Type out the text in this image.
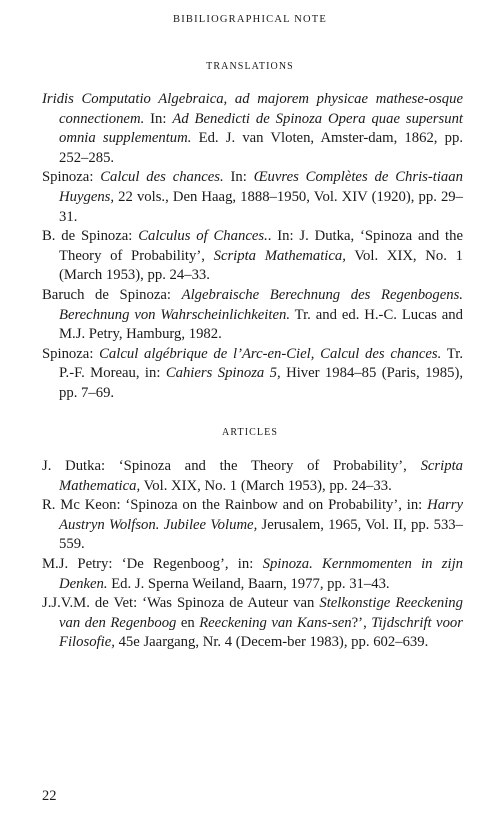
BIBILIOGRAPHICAL NOTE
TRANSLATIONS

Iridis Computatio Algebraica, ad majorem physicae mathese-osque connectionem. In: Ad Benedicti de Spinoza Opera quae supersunt omnia supplementum. Ed. J. van Vloten, Amster-dam, 1862, pp. 252–285.

Spinoza: Calcul des chances. In: Œuvres Complètes de Chris-tiaan Huygens, 22 vols., Den Haag, 1888–1950, Vol. XIV (1920), pp. 29–31.

B. de Spinoza: Calculus of Chances.. In: J. Dutka, ‘Spinoza and the Theory of Probability’, Scripta Mathematica, Vol. XIX, No. 1 (March 1953), pp. 24–33.

Baruch de Spinoza: Algebraische Berechnung des Regenbogens. Berechnung von Wahrscheinlichkeiten. Tr. and ed. H.-C. Lucas and M.J. Petry, Hamburg, 1982.

Spinoza: Calcul algébrique de l’Arc-en-Ciel, Calcul des chances. Tr. P.-F. Moreau, in: Cahiers Spinoza 5, Hiver 1984–85 (Paris, 1985), pp. 7–69.

ARTICLES

J. Dutka: ‘Spinoza and the Theory of Probability’, Scripta Mathematica, Vol. XIX, No. 1 (March 1953), pp. 24–33.

R. Mc Keon: ‘Spinoza on the Rainbow and on Probability’, in: Harry Austryn Wolfson. Jubilee Volume, Jerusalem, 1965, Vol. II, pp. 533–559.

M.J. Petry: ‘De Regenboog’, in: Spinoza. Kernmomenten in zijn Denken. Ed. J. Sperna Weiland, Baarn, 1977, pp. 31–43.

J.J.V.M. de Vet: ‘Was Spinoza de Auteur van Stelkonstige Reeckening van den Regenboog en Reeckening van Kans-sen?’, Tijdschrift voor Filosofie, 45e Jaargang, Nr. 4 (Decem-ber 1983), pp. 602–639.

22
